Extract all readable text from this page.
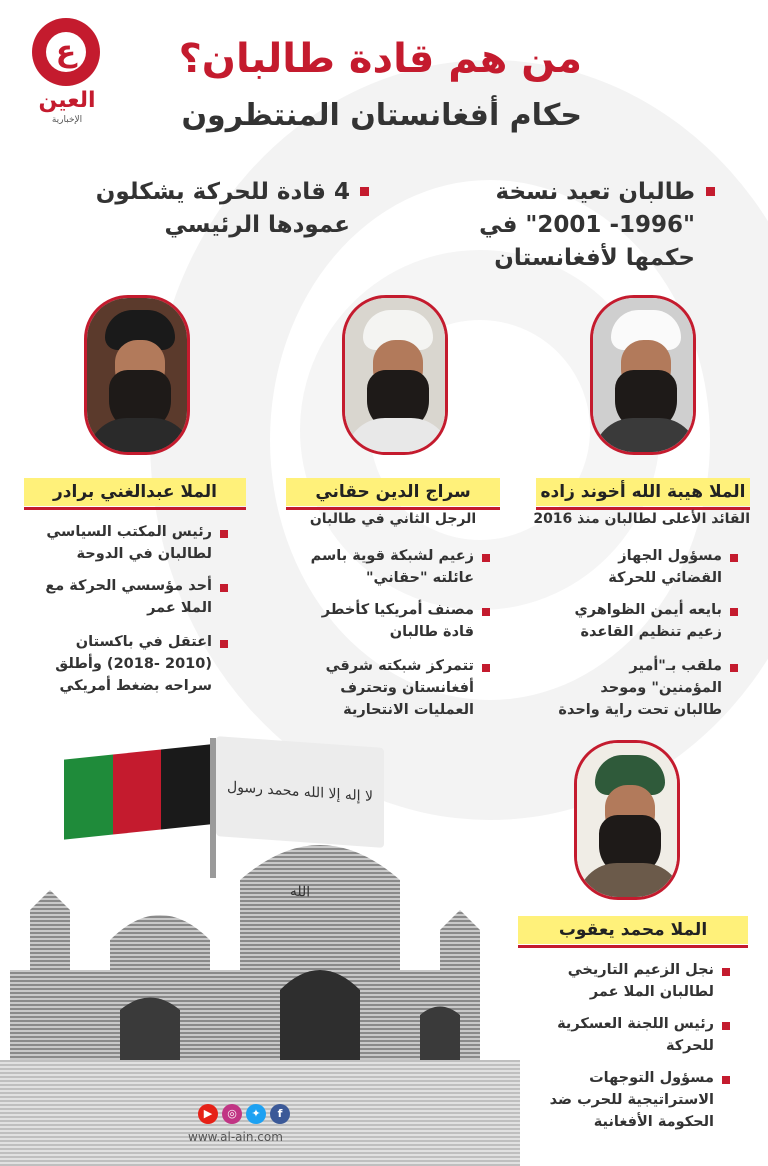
ع
العين
الإخبارية
من هم قادة طالبان؟
حكام أفغانستان المنتظرون
طالبان تعيد نسخة "1996- 2001" في حكمها لأفغانستان
4 قادة للحركة يشكلون عمودها الرئيسي
الملا هيبة الله أخوند زاده
سراج الدين حقاني
الملا عبدالغني برادر
القائد الأعلى لطالبان منذ 2016
الرجل الثاني في طالبان
مسؤول الجهاز القضائي للحركة
بايعه أيمن الظواهري زعيم تنظيم القاعدة
ملقب بـ"أمير المؤمنين" وموحد طالبان تحت راية واحدة
زعيم لشبكة قوية باسم عائلته "حقاني"
مصنف أمريكيا كأخطر قادة طالبان
تتمركز شبكته شرقي أفغانستان وتحترف العمليات الانتحارية
رئيس المكتب السياسي لطالبان في الدوحة
أحد مؤسسي الحركة مع الملا عمر
اعتقل في باكستان (2010 -2018) وأطلق سراحه بضغط أمريكي
لا إله إلا الله محمد رسول الله
الملا محمد يعقوب
نجل الزعيم التاريخي لطالبان الملا عمر
رئيس اللجنة العسكرية للحركة
مسؤول التوجهات الاستراتيجية للحرب ضد الحكومة الأفغانية
▶	◎	✦	f
www.al-ain.com
